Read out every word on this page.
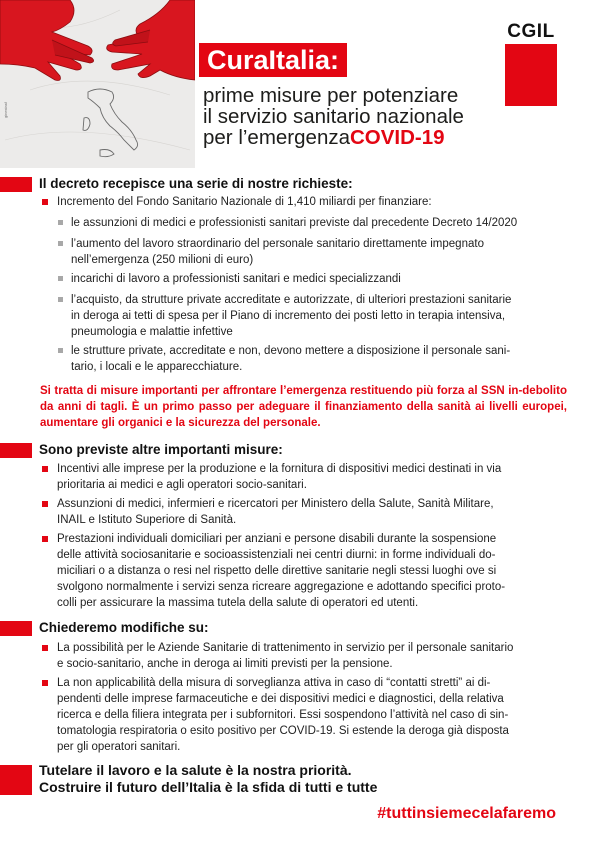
ginestra/i
CGIL
CuraItalia:
prime misure per potenziare
il servizio sanitario nazionale
per l’emergenzaCOVID-19
Il decreto recepisce una serie di nostre richieste:
Incremento del Fondo Sanitario Nazionale di 1,410 miliardi per finanziare:
le assunzioni di medici e professionisti sanitari previste dal precedente Decreto 14/2020
l’aumento del lavoro straordinario del personale sanitario direttamente impegnato
nell’emergenza (250 milioni di euro)
incarichi di lavoro a professionisti sanitari e medici specializzandi
l’acquisto, da strutture private accreditate e autorizzate, di ulteriori prestazioni sanitarie
in deroga ai tetti di spesa per il Piano di incremento dei posti letto in terapia intensiva,
pneumologia e malattie infettive
le strutture private, accreditate e non, devono mettere a disposizione il personale sani-
tario, i locali e le apparecchiature.
Si tratta di misure importanti per affrontare l’emergenza restituendo più forza al SSN in-debolito da anni di tagli. È un primo passo per adeguare il finanziamento della sanità ai livelli europei, aumentare gli organici e la sicurezza del personale.
Sono previste altre importanti misure:
Incentivi alle imprese per la produzione e la fornitura di dispositivi medici destinati in via
prioritaria ai medici e agli operatori socio-sanitari.
Assunzioni di medici, infermieri e ricercatori per Ministero della Salute, Sanità Militare,
INAIL e Istituto Superiore di Sanità.
Prestazioni individuali domiciliari per anziani e persone disabili durante la sospensione
delle attività sociosanitarie e socioassistenziali nei centri diurni: in forme individuali do-
miciliari o a distanza o resi nel rispetto delle direttive sanitarie negli stessi luoghi ove si
svolgono normalmente i servizi senza ricreare aggregazione e adottando specifici proto-
colli per assicurare la massima tutela della salute di operatori ed utenti.
Chiederemo modifiche su:
La possibilità per le Aziende Sanitarie di trattenimento in servizio per il personale sanitario
e socio-sanitario, anche in deroga ai limiti previsti per la pensione.
La non applicabilità della misura di sorveglianza attiva in caso di “contatti stretti” ai di-
pendenti delle imprese farmaceutiche e dei dispositivi medici e diagnostici, della relativa
ricerca e della filiera integrata per i subfornitori. Essi sospendono l’attività nel caso di sin-
tomatologia respiratoria o esito positivo per COVID-19. Si estende la deroga già disposta
per gli operatori sanitari.
Tutelare il lavoro e la salute è la nostra priorità.
Costruire il futuro dell’Italia è la sfida di tutti e tutte
#tuttinsiemecelafaremo
